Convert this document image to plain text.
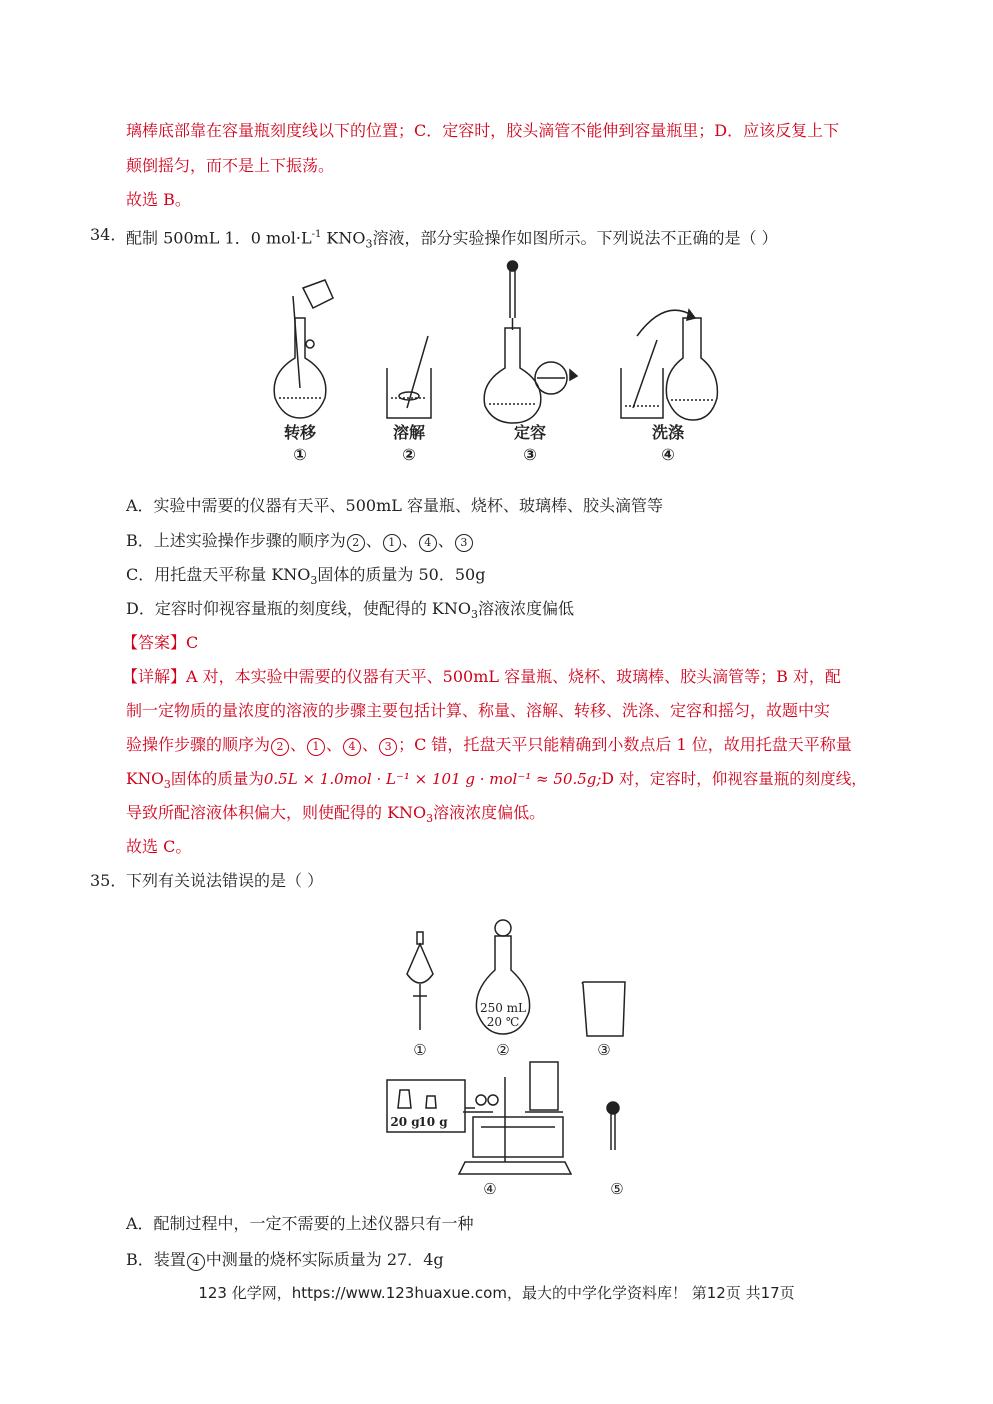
璃棒底部靠在容量瓶刻度线以下的位置；C．定容时，胶头滴管不能伸到容量瓶里；D．应该反复上下
颠倒摇匀，而不是上下振荡。
故选 B。
34． 配制 500mL 1．0 $mol\cdot L^{-1}$ $KNO_3$溶液，部分实验操作如图所示。下列说法不正确的是（ ）
转移	溶解	定容	洗涤
①	②	③	④
A．实验中需要的仪器有天平、500mL 容量瓶、烧杯、玻璃棒、胶头滴管等
B．上述实验操作步骤的顺序为 2 、 1 、 4 、 3
C．用托盘天平称量 $KNO_3$固体的质量为 50．50g
D．定容时仰视容量瓶的刻度线，使配得的 $KNO_3$溶液浓度偏低
【答案】C
【详解】A 对，本实验中需要的仪器有天平、500mL 容量瓶、烧杯、玻璃棒、胶头滴管等；B 对，配
制一定物质的量浓度的溶液的步骤主要包括计算、称量、溶解、转移、洗涤、定容和摇匀，故题中实
验操作步骤的顺序为 2 、 1 、 4 、 3 ；C 错，托盘天平只能精确到小数点后 1 位，故用托盘天平称量
$KNO_3$固体的质量为0.5L × 1.0mol · L⁻¹ × 101 g · mol⁻¹ ≈ 50.5g;D 对，定容时，仰视容量瓶的刻度线，
导致所配溶液体积偏大，则使配得的 $KNO_3$溶液浓度偏低。
故选 C。
35． 下列有关说法错误的是（ ）
250 mL
20 ℃
20 g
10 g
①	②	③
④	⑤
A．配制过程中，一定不需要的上述仪器只有一种
B．装置 4 中测量的烧杯实际质量为 27．4g
123 化学网，https://www.123huaxue.com，最大的中学化学资料库！ 第12页 共17页
